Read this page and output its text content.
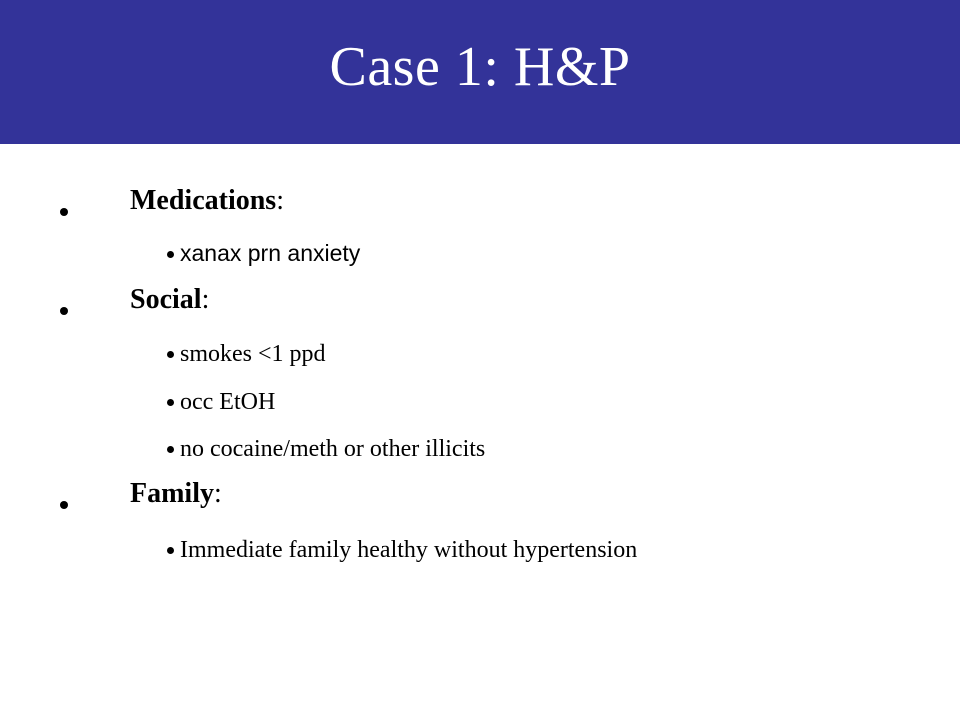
Case 1: H&P
Medications:
xanax prn anxiety
Social:
smokes <1 ppd
occ EtOH
no cocaine/meth or other illicits
Family:
Immediate family healthy without hypertension
